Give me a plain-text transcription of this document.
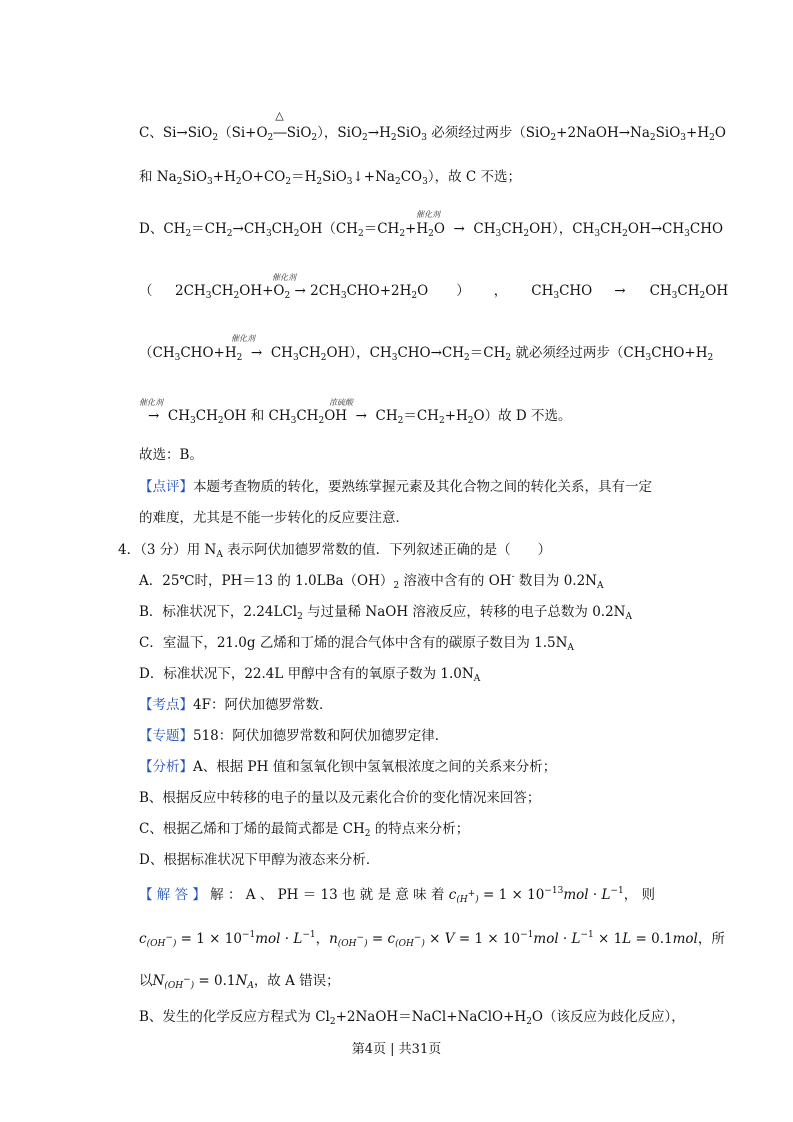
C、$Si\to SiO_2(Si+O_2$
△
―SiO$_2$），$SiO_2\to H_2SiO_3$ 必须经过两步（$SiO_2+2NaOH\to Na_2SiO_3+H_2O$
和 $Na_2SiO_3+H_2O+CO_2=H_2SiO_3↓+Na_2CO_3$），故 C 不选；
催化剂
D、$CH_2=CH_2\to CH_3CH_2OH(CH_2=CH_2+H_2O \to CH_3CH_2OH)$，$CH_3CH_2OH\to CH_3CHO$
催化剂
（ $2CH_3CH_2OH+O_2 \to 2CH_3CHO+2H_2O$ ） ， $CH_3CHO \to CH_3CH_2OH$
催化剂
$(CH_3CHO+H_2 \to CH_3CH_2OH)$，$CH_3CHO\to CH_2=CH_2$ 就必须经过两步（$CH_3CHO+H_2$
催化剂	浓硫酸
→  $CH_3CH_2OH$ 和 $CH_3CH_2OH \to CH_2=CH_2+H_2O$）故 D 不选。
故选：B。
【点评】本题考查物质的转化，要熟练掌握元素及其化合物之间的转化关系，具有一定
的难度，尤其是不能一步转化的反应要注意．
4．（3 分）用 $N_A$ 表示阿伏加德罗常数的值．下列叙述正确的是（　　）
A．25℃时，PH＝13 的 $1.0LBa(OH)_2$ 溶液中含有的 OH- 数目为 $0.2N_A$
B．标准状况下，2.24LCl$_2$ 与过量稀 NaOH 溶液反应，转移的电子总数为 $0.2N_A$
C．室温下，21.0g 乙烯和丁烯的混合气体中含有的碳原子数目为 $1.5N_A$
D．标准状况下，22.4L 甲醇中含有的氧原子数为 $1.0N_A$
【考点】4F：阿伏加德罗常数．
【专题】518：阿伏加德罗常数和阿伏加德罗定律．
【分析】A、根据 PH 值和氢氧化钡中氢氧根浓度之间的关系来分析；
B、根据反应中转移的电子的量以及元素化合价的变化情况来回答；
C、根据乙烯和丁烯的最简式都是 $CH_2$ 的特点来分析；
D、根据标准状况下甲醇为液态来分析．
【 解 答 】 解 ： A 、 PH ＝ 13 也 就 是 意 味 着 $c_{(H^+)} = 1 \times 10^{-13}mol \cdot L^{-1}$， 则
$c_{(OH^-)} = 1 \times 10^{-1}mol \cdot L^{-1}$，$n_{(OH^-)} = c_{(OH^-)} \times V = 1 \times 10^{-1}mol \cdot L^{-1} \times 1L = 0.1mol$，所
以$N_{(OH^-)} = 0.1N_A$，故 A 错误；
B、发生的化学反应方程式为 $Cl_2+2NaOH=NaCl+NaClO+H_2O$（该反应为歧化反应），
第4页 | 共31页
